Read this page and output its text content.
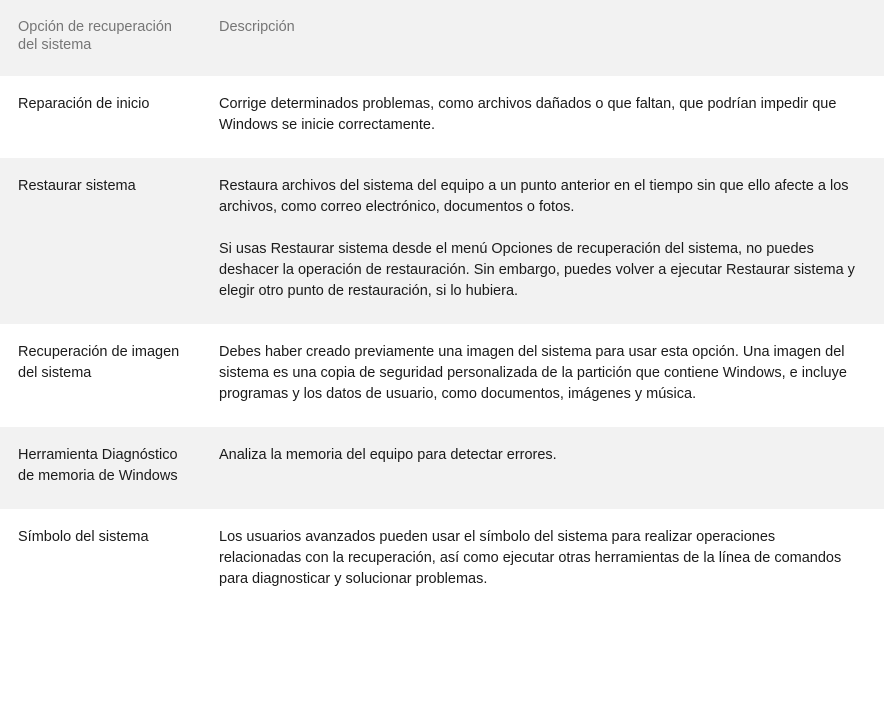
Opción de recuperación del sistema	Descripción

Reparación de inicio	Corrige determinados problemas, como archivos dañados o que faltan, que podrían impedir que Windows se inicie correctamente.

Restaurar sistema	Restaura archivos del sistema del equipo a un punto anterior en el tiempo sin que ello afecte a los archivos, como correo electrónico, documentos o fotos.

Si usas Restaurar sistema desde el menú Opciones de recuperación del sistema, no puedes deshacer la operación de restauración. Sin embargo, puedes volver a ejecutar Restaurar sistema y elegir otro punto de restauración, si lo hubiera.

Recuperación de imagen del sistema	Debes haber creado previamente una imagen del sistema para usar esta opción. Una imagen del sistema es una copia de seguridad personalizada de la partición que contiene Windows, e incluye programas y los datos de usuario, como documentos, imágenes y música.

Herramienta Diagnóstico de memoria de Windows	Analiza la memoria del equipo para detectar errores.

Símbolo del sistema	Los usuarios avanzados pueden usar el símbolo del sistema para realizar operaciones relacionadas con la recuperación, así como ejecutar otras herramientas de la línea de comandos para diagnosticar y solucionar problemas.
